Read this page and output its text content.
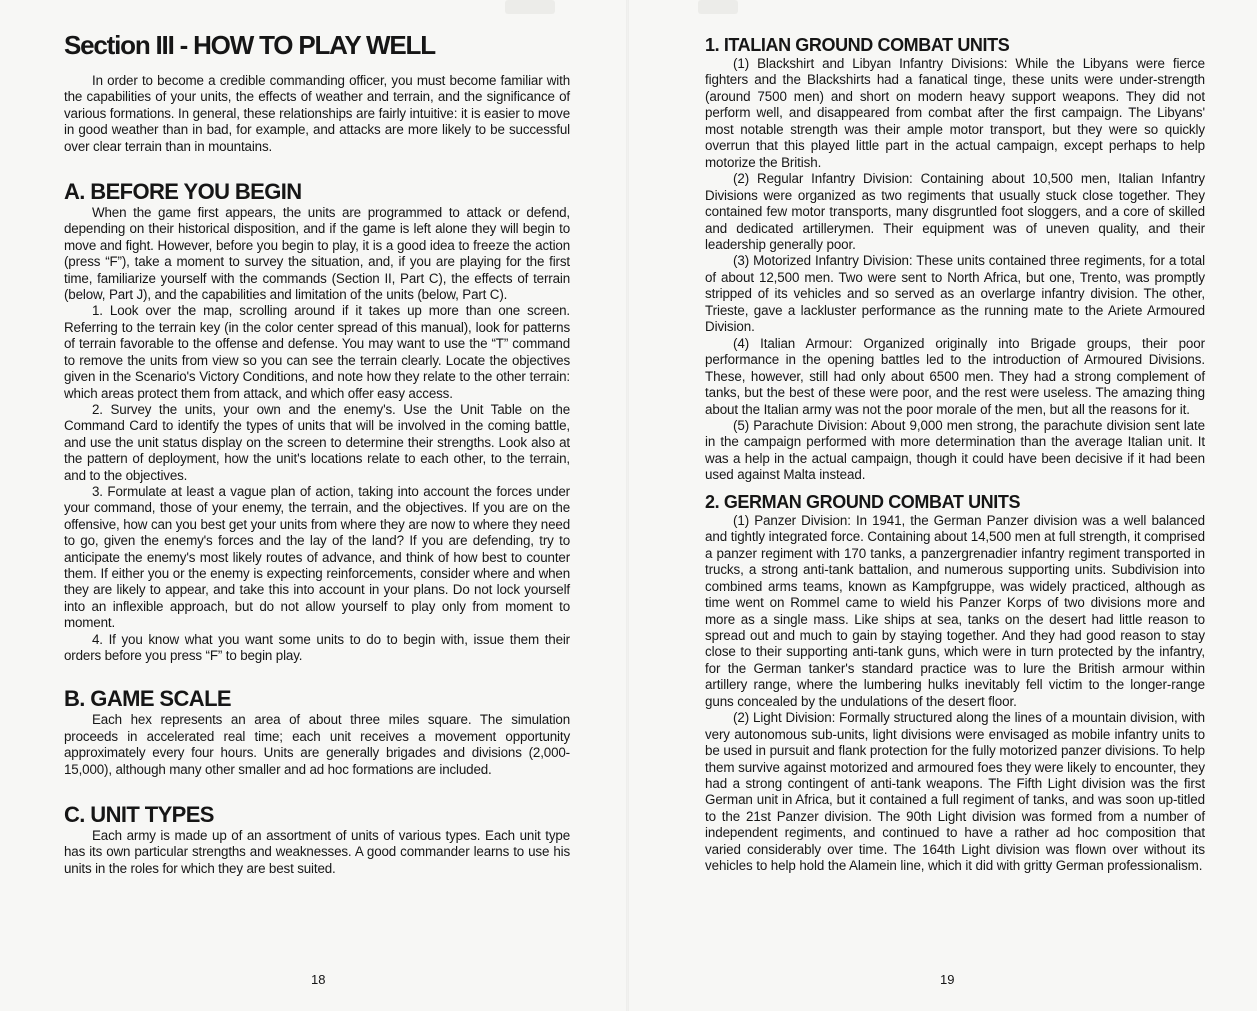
Section III - HOW TO PLAY WELL

In order to become a credible commanding officer, you must become familiar with the capabilities of your units, the effects of weather and terrain, and the significance of various formations. In general, these relationships are fairly intuitive: it is easier to move in good weather than in bad, for example, and attacks are more likely to be successful over clear terrain than in mountains.

A. BEFORE YOU BEGIN

When the game first appears, the units are programmed to attack or defend, depending on their historical disposition, and if the game is left alone they will begin to move and fight. However, before you begin to play, it is a good idea to freeze the action (press “F”), take a moment to survey the situation, and, if you are playing for the first time, familiarize yourself with the commands (Section II, Part C), the effects of terrain (below, Part J), and the capabilities and limitation of the units (below, Part C).

1. Look over the map, scrolling around if it takes up more than one screen. Referring to the terrain key (in the color center spread of this manual), look for patterns of terrain favorable to the offense and defense. You may want to use the “T” command to remove the units from view so you can see the terrain clearly. Locate the objectives given in the Scenario's Victory Conditions, and note how they relate to the other terrain: which areas protect them from attack, and which offer easy access.

2. Survey the units, your own and the enemy's. Use the Unit Table on the Command Card to identify the types of units that will be involved in the coming battle, and use the unit status display on the screen to determine their strengths. Look also at the pattern of deployment, how the unit's locations relate to each other, to the terrain, and to the objectives.

3. Formulate at least a vague plan of action, taking into account the forces under your command, those of your enemy, the terrain, and the objectives. If you are on the offensive, how can you best get your units from where they are now to where they need to go, given the enemy's forces and the lay of the land? If you are defending, try to anticipate the enemy's most likely routes of advance, and think of how best to counter them. If either you or the enemy is expecting reinforcements, consider where and when they are likely to appear, and take this into account in your plans. Do not lock yourself into an inflexible approach, but do not allow yourself to play only from moment to moment.

4. If you know what you want some units to do to begin with, issue them their orders before you press “F” to begin play.

B. GAME SCALE

Each hex represents an area of about three miles square. The simulation proceeds in accelerated real time; each unit receives a movement opportunity approximately every four hours. Units are generally brigades and divisions (2,000-15,000), although many other smaller and ad hoc formations are included.

C. UNIT TYPES

Each army is made up of an assortment of units of various types. Each unit type has its own particular strengths and weaknesses. A good commander learns to use his units in the roles for which they are best suited.

18
1. ITALIAN GROUND COMBAT UNITS

(1) Blackshirt and Libyan Infantry Divisions: While the Libyans were fierce fighters and the Blackshirts had a fanatical tinge, these units were under-strength (around 7500 men) and short on modern heavy support weapons. They did not perform well, and disappeared from combat after the first campaign. The Libyans' most notable strength was their ample motor transport, but they were so quickly overrun that this played little part in the actual campaign, except perhaps to help motorize the British.

(2) Regular Infantry Division: Containing about 10,500 men, Italian Infantry Divisions were organized as two regiments that usually stuck close together. They contained few motor transports, many disgruntled foot sloggers, and a core of skilled and dedicated artillerymen. Their equipment was of uneven quality, and their leadership generally poor.

(3) Motorized Infantry Division: These units contained three regiments, for a total of about 12,500 men. Two were sent to North Africa, but one, Trento, was promptly stripped of its vehicles and so served as an overlarge infantry division. The other, Trieste, gave a lackluster performance as the running mate to the Ariete Armoured Division.

(4) Italian Armour: Organized originally into Brigade groups, their poor performance in the opening battles led to the introduction of Armoured Divisions. These, however, still had only about 6500 men. They had a strong complement of tanks, but the best of these were poor, and the rest were useless. The amazing thing about the Italian army was not the poor morale of the men, but all the reasons for it.

(5) Parachute Division: About 9,000 men strong, the parachute division sent late in the campaign performed with more determination than the average Italian unit. It was a help in the actual campaign, though it could have been decisive if it had been used against Malta instead.

2. GERMAN GROUND COMBAT UNITS

(1) Panzer Division: In 1941, the German Panzer division was a well balanced and tightly integrated force. Containing about 14,500 men at full strength, it comprised a panzer regiment with 170 tanks, a panzergrenadier infantry regiment transported in trucks, a strong anti-tank battalion, and numerous supporting units. Subdivision into combined arms teams, known as Kampfgruppe, was widely practiced, although as time went on Rommel came to wield his Panzer Korps of two divisions more and more as a single mass. Like ships at sea, tanks on the desert had little reason to spread out and much to gain by staying together. And they had good reason to stay close to their supporting anti-tank guns, which were in turn protected by the infantry, for the German tanker's standard practice was to lure the British armour within artillery range, where the lumbering hulks inevitably fell victim to the longer-range guns concealed by the undulations of the desert floor.

(2) Light Division: Formally structured along the lines of a mountain division, with very autonomous sub-units, light divisions were envisaged as mobile infantry units to be used in pursuit and flank protection for the fully motorized panzer divisions. To help them survive against motorized and armoured foes they were likely to encounter, they had a strong contingent of anti-tank weapons. The Fifth Light division was the first German unit in Africa, but it contained a full regiment of tanks, and was soon up-titled to the 21st Panzer division. The 90th Light division was formed from a number of independent regiments, and continued to have a rather ad hoc composition that varied considerably over time. The 164th Light division was flown over without its vehicles to help hold the Alamein line, which it did with gritty German professionalism.

19
